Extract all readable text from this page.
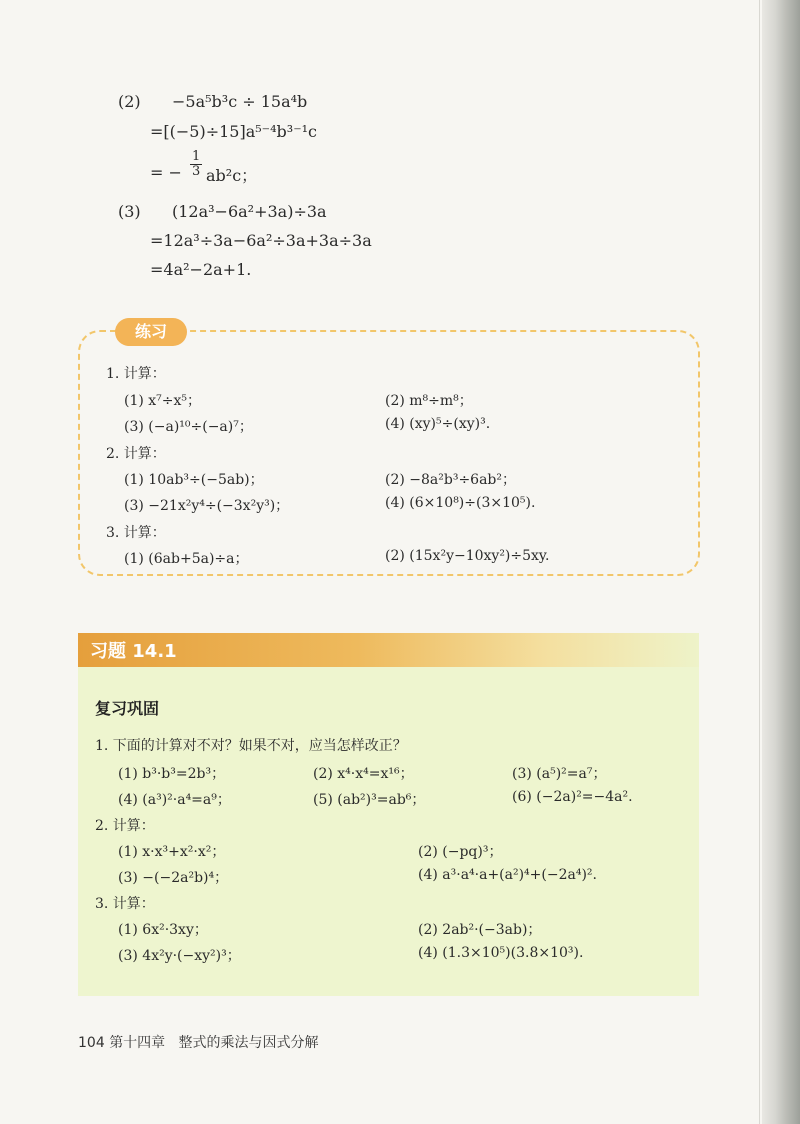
(2) −5a⁵b³c ÷ 15a⁴b
=[(−5)÷15]a⁵⁻⁴b³⁻¹c
= − $\frac{1}{3} ab^2c$；
(3) (12a³−6a²+3a)÷3a
=12a³÷3a−6a²÷3a+3a÷3a
=4a²−2a+1.
练习
1. 计算：
(1) x⁷÷x⁵；	(2) m⁸÷m⁸；
(3) (−a)¹⁰÷(−a)⁷；	(4) (xy)⁵÷(xy)³.
2. 计算：
(1) 10ab³÷(−5ab)；	(2) −8a²b³÷6ab²；
(3) −21x²y⁴÷(−3x²y³)；	(4) (6×10⁸)÷(3×10⁵).
3. 计算：
(1) (6ab+5a)÷a；	(2) (15x²y−10xy²)÷5xy.
习题 14.1
复习巩固
1. 下面的计算对不对？如果不对，应当怎样改正？
(1) b³·b³=2b³；	(2) x⁴·x⁴=x¹⁶；	(3) (a⁵)²=a⁷；
(4) (a³)²·a⁴=a⁹；	(5) (ab²)³=ab⁶；	(6) (−2a)²=−4a².
2. 计算：
(1) x·x³+x²·x²；	(2) (−pq)³；
(3) −(−2a²b)⁴；	(4) a³·a⁴·a+(a²)⁴+(−2a⁴)².
3. 计算：
(1) 6x²·3xy；	(2) 2ab²·(−3ab)；
(3) 4x²y·(−xy²)³；	(4) (1.3×10⁵)(3.8×10³).
104 第十四章 整式的乘法与因式分解
